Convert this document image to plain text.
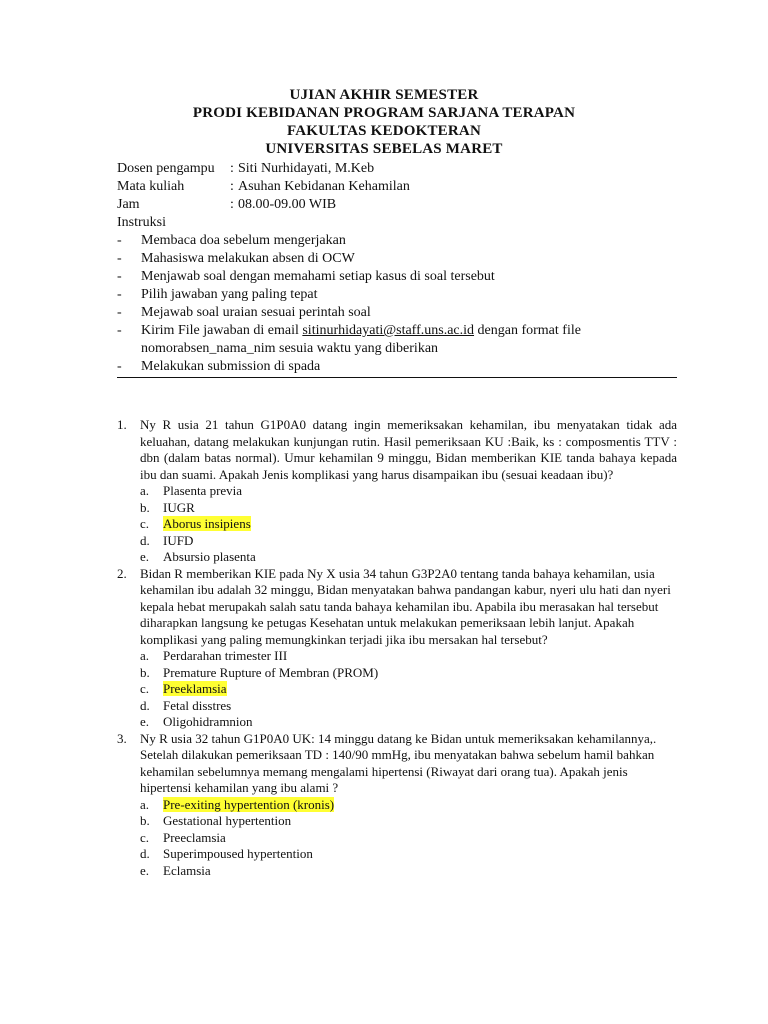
UJIAN AKHIR SEMESTER
PRODI KEBIDANAN PROGRAM SARJANA TERAPAN
FAKULTAS KEDOKTERAN
UNIVERSITAS SEBELAS MARET
Dosen pengampu	: Siti Nurhidayati, M.Keb
Mata kuliah	: Asuhan Kebidanan Kehamilan
Jam	: 08.00-09.00 WIB
Instruksi
- Membaca doa sebelum mengerjakan
- Mahasiswa melakukan absen di OCW
- Menjawab soal dengan memahami setiap kasus di soal tersebut
- Pilih jawaban yang paling tepat
- Mejawab soal uraian sesuai perintah soal
- Kirim File jawaban di email sitinurhidayati@staff.uns.ac.id dengan format file nomorabsen_nama_nim sesuia waktu yang diberikan
- Melakukan submission di spada
1. Ny R usia 21 tahun G1P0A0 datang ingin memeriksakan kehamilan, ibu menyatakan tidak ada keluahan, datang melakukan kunjungan rutin. Hasil pemeriksaan KU :Baik, ks : composmentis TTV : dbn (dalam batas normal). Umur kehamilan 9 minggu, Bidan memberikan KIE tanda bahaya kepada ibu dan suami. Apakah Jenis komplikasi yang harus disampaikan ibu (sesuai keadaan ibu)?
a. Plasenta previa
b. IUGR
c. Aborus insipiens
d. IUFD
e. Absursio plasenta
2. Bidan R memberikan KIE pada Ny X usia 34 tahun G3P2A0 tentang tanda bahaya kehamilan, usia kehamilan ibu adalah 32 minggu, Bidan menyatakan bahwa pandangan kabur, nyeri ulu hati dan nyeri kepala hebat merupakah salah satu tanda bahaya kehamilan ibu. Apabila ibu merasakan hal tersebut diharapkan langsung ke petugas Kesehatan untuk melakukan pemeriksaan lebih lanjut. Apakah komplikasi yang paling memungkinkan terjadi jika ibu mersakan hal tersebut?
a. Perdarahan trimester III
b. Premature Rupture of Membran (PROM)
c. Preeklamsia
d. Fetal disstres
e. Oligohidramnion
3. Ny R usia 32 tahun G1P0A0 UK: 14 minggu datang ke Bidan untuk memeriksakan kehamilannya,. Setelah dilakukan pemeriksaan TD : 140/90 mmHg, ibu menyatakan bahwa sebelum hamil bahkan kehamilan sebelumnya memang mengalami hipertensi (Riwayat dari orang tua). Apakah jenis hipertensi kehamilan yang ibu alami ?
a. Pre-exiting hypertention (kronis)
b. Gestational hypertention
c. Preeclamsia
d. Superimpoused hypertention
e. Eclamsia
